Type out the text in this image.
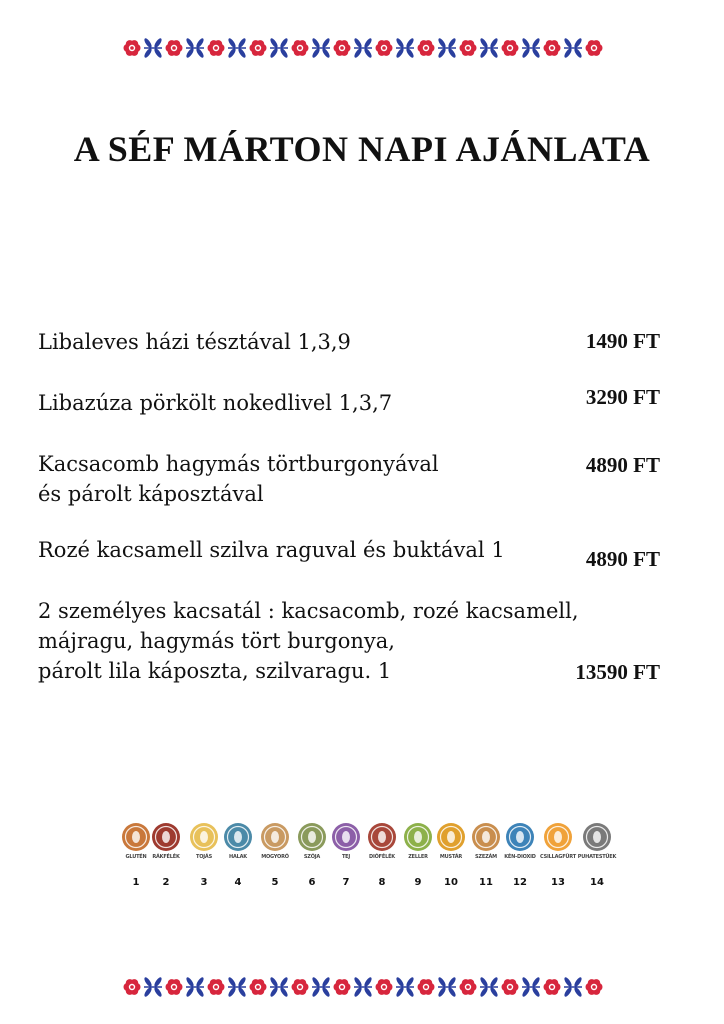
A SÉF MÁRTON NAPI AJÁNLATA
Libaleves házi tésztával 1,3,9	1490 FT
Libazúza pörkölt nokedlivel 1,3,7	3290 FT
Kacsacomb hagymás törtburgonyával
és párolt káposztával
4890 FT
Rozé kacsamell szilva raguval és buktával 1	4890 FT
2 személyes kacsatál : kacsacomb, rozé kacsamell,
májragu, hagymás tört burgonya,
párolt lila káposzta, szilvaragu. 1	13590 FT
GLUTÉN
1
RÁKFÉLÉK
2
TOJÁS
3
HALAK
4
MOGYORÓ
5
SZÓJA
6
TEJ
7
DIÓFÉLÉK
8
ZELLER
9
MUSTÁR
10
SZEZÁM
11
KÉN-DIOXID
12
CSILLAGFÜRT
13
PUHATESTŰEK
14
